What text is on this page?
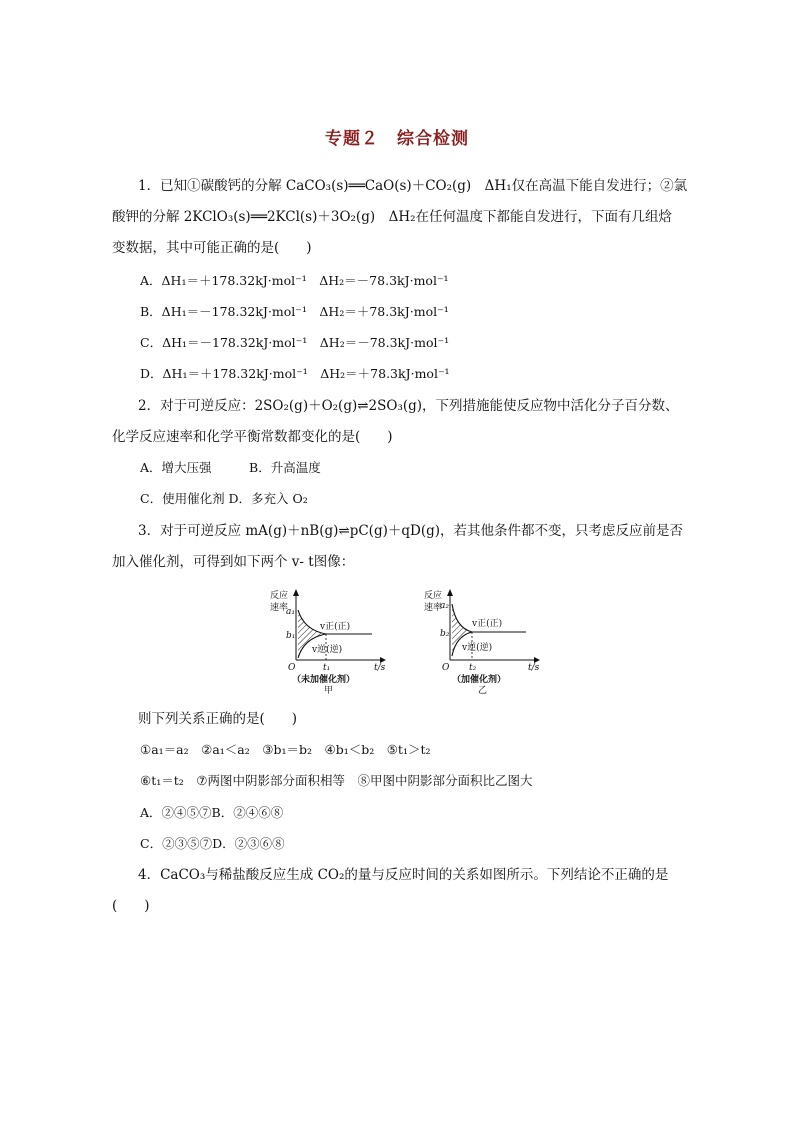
专题２　综合检测
1．已知①碳酸钙的分解 CaCO₃(s)══CaO(s)＋CO₂(g)　ΔH₁仅在高温下能自发进行；②氯
酸钾的分解 2KClO₃(s)══2KCl(s)＋3O₂(g)　ΔH₂在任何温度下都能自发进行，下面有几组焓
变数据，其中可能正确的是(　　)
A．ΔH₁＝＋178.32kJ·mol⁻¹　ΔH₂＝－78.3kJ·mol⁻¹
B．ΔH₁＝－178.32kJ·mol⁻¹　ΔH₂＝＋78.3kJ·mol⁻¹
C．ΔH₁＝－178.32kJ·mol⁻¹　ΔH₂＝－78.3kJ·mol⁻¹
D．ΔH₁＝＋178.32kJ·mol⁻¹　ΔH₂＝＋78.3kJ·mol⁻¹
2．对于可逆反应：2SO₂(g)＋O₂(g)⇌2SO₃(g)，下列措施能使反应物中活化分子百分数、
化学反应速率和化学平衡常数都变化的是(　　)
A．增大压强　　　B．升高温度
C．使用催化剂 D．多充入 O₂
3．对于可逆反应 mA(g)＋nB(g)⇌pC(g)＋qD(g)，若其他条件都不变，只考虑反应前是否
加入催化剂，可得到如下两个 v- t图像：
则下列关系正确的是(　　)
①a₁＝a₂　②a₁＜a₂　③b₁＝b₂　④b₁＜b₂　⑤t₁＞t₂
⑥t₁＝t₂　⑦两图中阴影部分面积相等　⑧甲图中阴影部分面积比乙图大
A．②④⑤⑦B．②④⑥⑧
C．②③⑤⑦D．②③⑥⑧
4．CaCO₃与稀盐酸反应生成 CO₂的量与反应时间的关系如图所示。下列结论不正确的是
(　　)
反应
速率
a₁
b₁
O	t₁	t/s
v正(正)
v逆(逆)
（未加催化剂）
甲
反应
速率
a₂
b₂
O t₂	t/s
v正(正)
v逆(逆)
（加催化剂）
乙
